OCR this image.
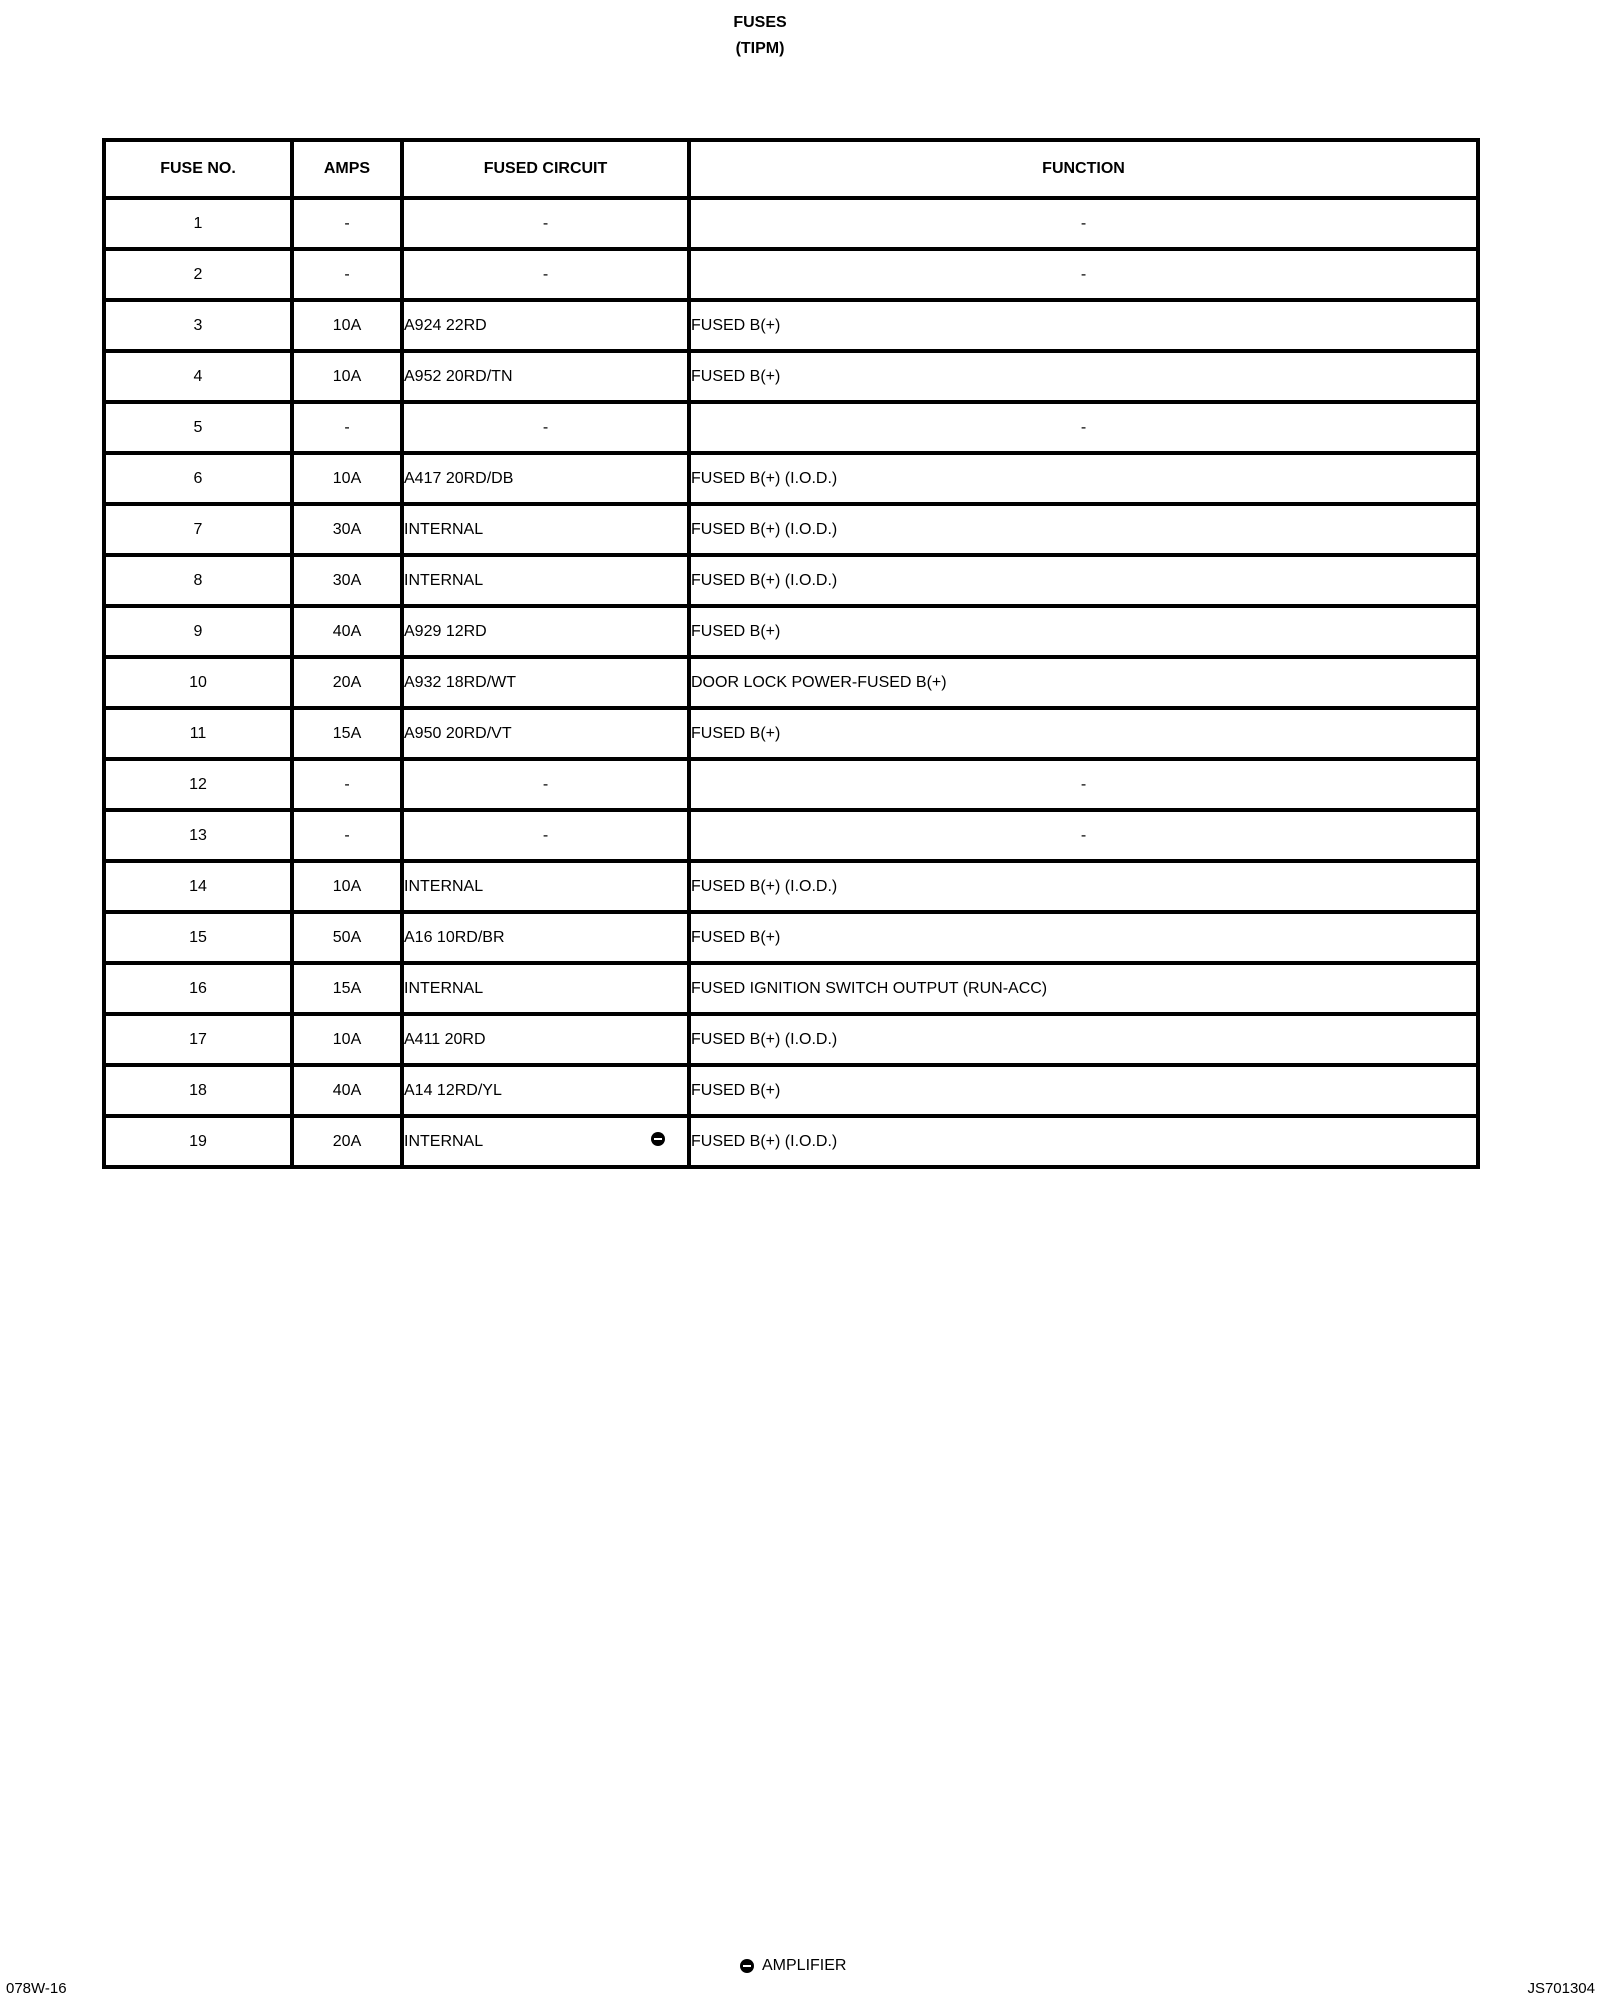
FUSES
(TIPM)
FUSE NO.	AMPS	FUSED CIRCUIT	FUNCTION
1	-	-	-
2	-	-	-
3	10A	A924 22RD	FUSED B(+)
4	10A	A952 20RD/TN	FUSED B(+)
5	-	-	-
6	10A	A417 20RD/DB	FUSED B(+) (I.O.D.)
7	30A	INTERNAL	FUSED B(+) (I.O.D.)
8	30A	INTERNAL	FUSED B(+) (I.O.D.)
9	40A	A929 12RD	FUSED B(+)
10	20A	A932 18RD/WT	DOOR LOCK POWER-FUSED B(+)
11	15A	A950 20RD/VT	FUSED B(+)
12	-	-	-
13	-	-	-
14	10A	INTERNAL	FUSED B(+) (I.O.D.)
15	50A	A16 10RD/BR	FUSED B(+)
16	15A	INTERNAL	FUSED IGNITION SWITCH OUTPUT (RUN-ACC)
17	10A	A411 20RD	FUSED B(+) (I.O.D.)
18	40A	A14 12RD/YL	FUSED B(+)
19	20A	INTERNAL	FUSED B(+) (I.O.D.)
AMPLIFIER
078W-16	JS701304
